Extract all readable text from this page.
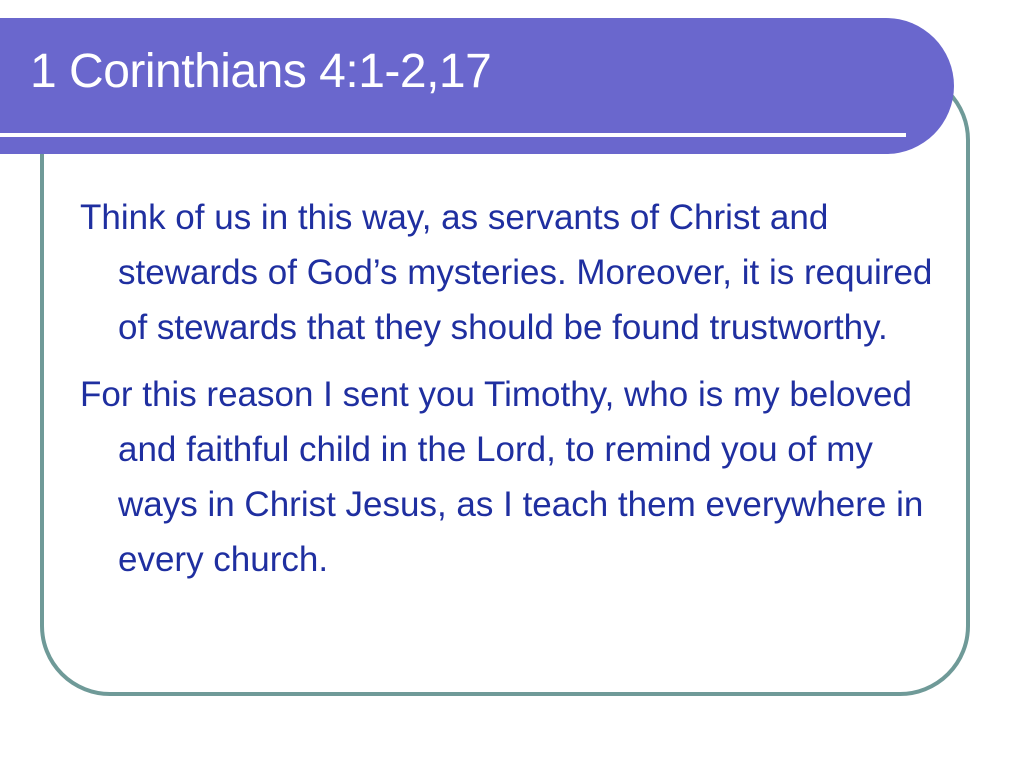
1 Corinthians 4:1-2,17

Think of us in this way, as servants of Christ and stewards of God’s mysteries. Moreover, it is required of stewards that they should be found trustworthy.

For this reason I sent you Timothy, who is my beloved and faithful child in the Lord, to remind you of my ways in Christ Jesus, as I teach them everywhere in every church.
